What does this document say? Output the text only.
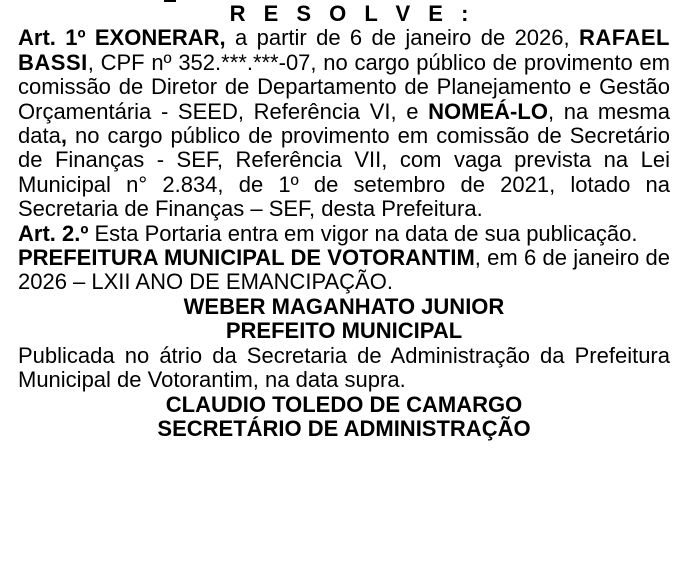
R E S O L V E :

Art. 1º EXONERAR, a partir de 6 de janeiro de 2026, RAFAEL BASSI, CPF nº 352.***.***-07, no cargo público de provimento em comissão de Diretor de Departamento de Planejamento e Gestão Orçamentária - SEED, Referência VI, e NOMEÁ-LO, na mesma data, no cargo público de provimento em comissão de Secretário de Finanças - SEF, Referência VII, com vaga prevista na Lei Municipal n° 2.834, de 1º de setembro de 2021, lotado na Secretaria de Finanças – SEF, desta Prefeitura.

Art. 2.º Esta Portaria entra em vigor na data de sua publicação.

PREFEITURA MUNICIPAL DE VOTORANTIM, em 6 de janeiro de 2026 – LXII ANO DE EMANCIPAÇÃO.

WEBER MAGANHATO JUNIOR

PREFEITO MUNICIPAL

Publicada no átrio da Secretaria de Administração da Prefeitura Municipal de Votorantim, na data supra.

CLAUDIO TOLEDO DE CAMARGO

SECRETÁRIO DE ADMINISTRAÇÃO
